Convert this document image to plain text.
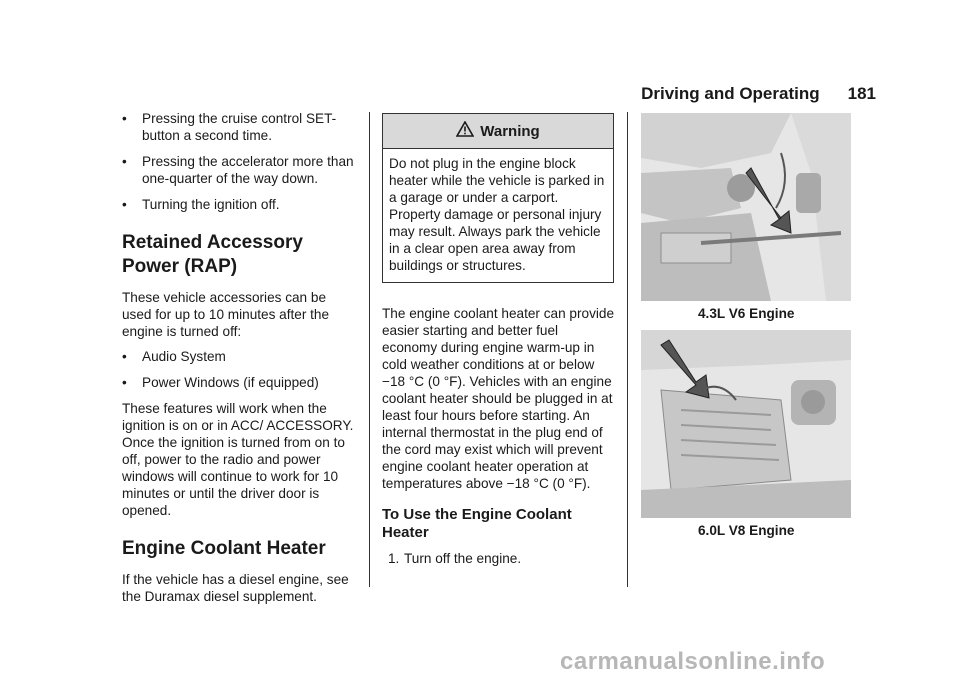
Driving and Operating 181
• Pressing the cruise control SET- button a second time.
• Pressing the accelerator more than one-quarter of the way down.
• Turning the ignition off.
Retained Accessory Power (RAP)

These vehicle accessories can be used for up to 10 minutes after the engine is turned off:

• Audio System
• Power Windows (if equipped)

These features will work when the ignition is on or in ACC/ ACCESSORY. Once the ignition is turned from on to off, power to the radio and power windows will continue to work for 10 minutes or until the driver door is opened.

Engine Coolant Heater

If the vehicle has a diesel engine, see the Duramax diesel supplement.

Warning
Do not plug in the engine block heater while the vehicle is parked in a garage or under a carport. Property damage or personal injury may result. Always park the vehicle in a clear open area away from buildings or structures.

The engine coolant heater can provide easier starting and better fuel economy during engine warm-up in cold weather conditions at or below −18 °C (0 °F). Vehicles with an engine coolant heater should be plugged in at least four hours before starting. An internal thermostat in the plug end of the cord may exist which will prevent engine coolant heater operation at temperatures above −18 °C (0 °F).

To Use the Engine Coolant Heater
1. Turn off the engine.
4.3L V6 Engine
6.0L V8 Engine
carmanualsonline.info
